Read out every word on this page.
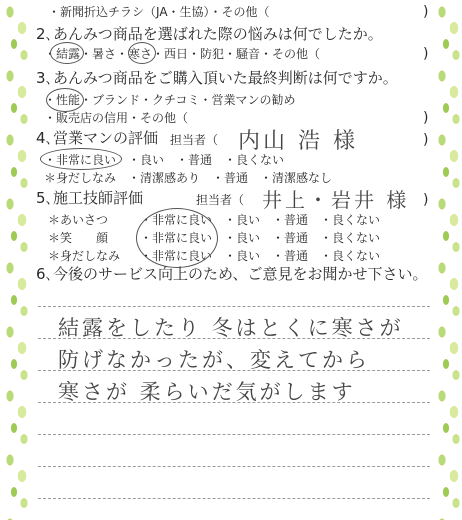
・新聞折込チラシ（JA・生協）・その他（	)
2､あんみつ商品を選ばれた際の悩みは何でしたか。
・結露・暑さ・寒さ・西日・防犯・騒音・その他（	)
3､あんみつ商品をご購入頂いた最終判断は何ですか。
・性能・ブランド・クチコミ・営業マンの勧め
・販売店の信用・その他（	)
4､営業マンの評価 担当者（ 内山 浩 様	)
・非常に良い　・良い　・普通　・良くない
＊身だしなみ　・清潔感あり　・普通　・清潔感なし
5､施工技師評価	担当者（ 井上・岩井 様 )
＊あいさつ	・非常に良い　・良い　・普通　・良くない
＊笑　　顔	・非常に良い　・良い　・普通　・良くない
＊身だしなみ ・非常に良い　・良い　・普通　・良くない
6､今後のサービス向上のため、ご意見をお聞かせ下さい。
結露をしたり 冬はとくに寒さが
防げなかったが、変えてから
寒さが 柔らいだ気がします
